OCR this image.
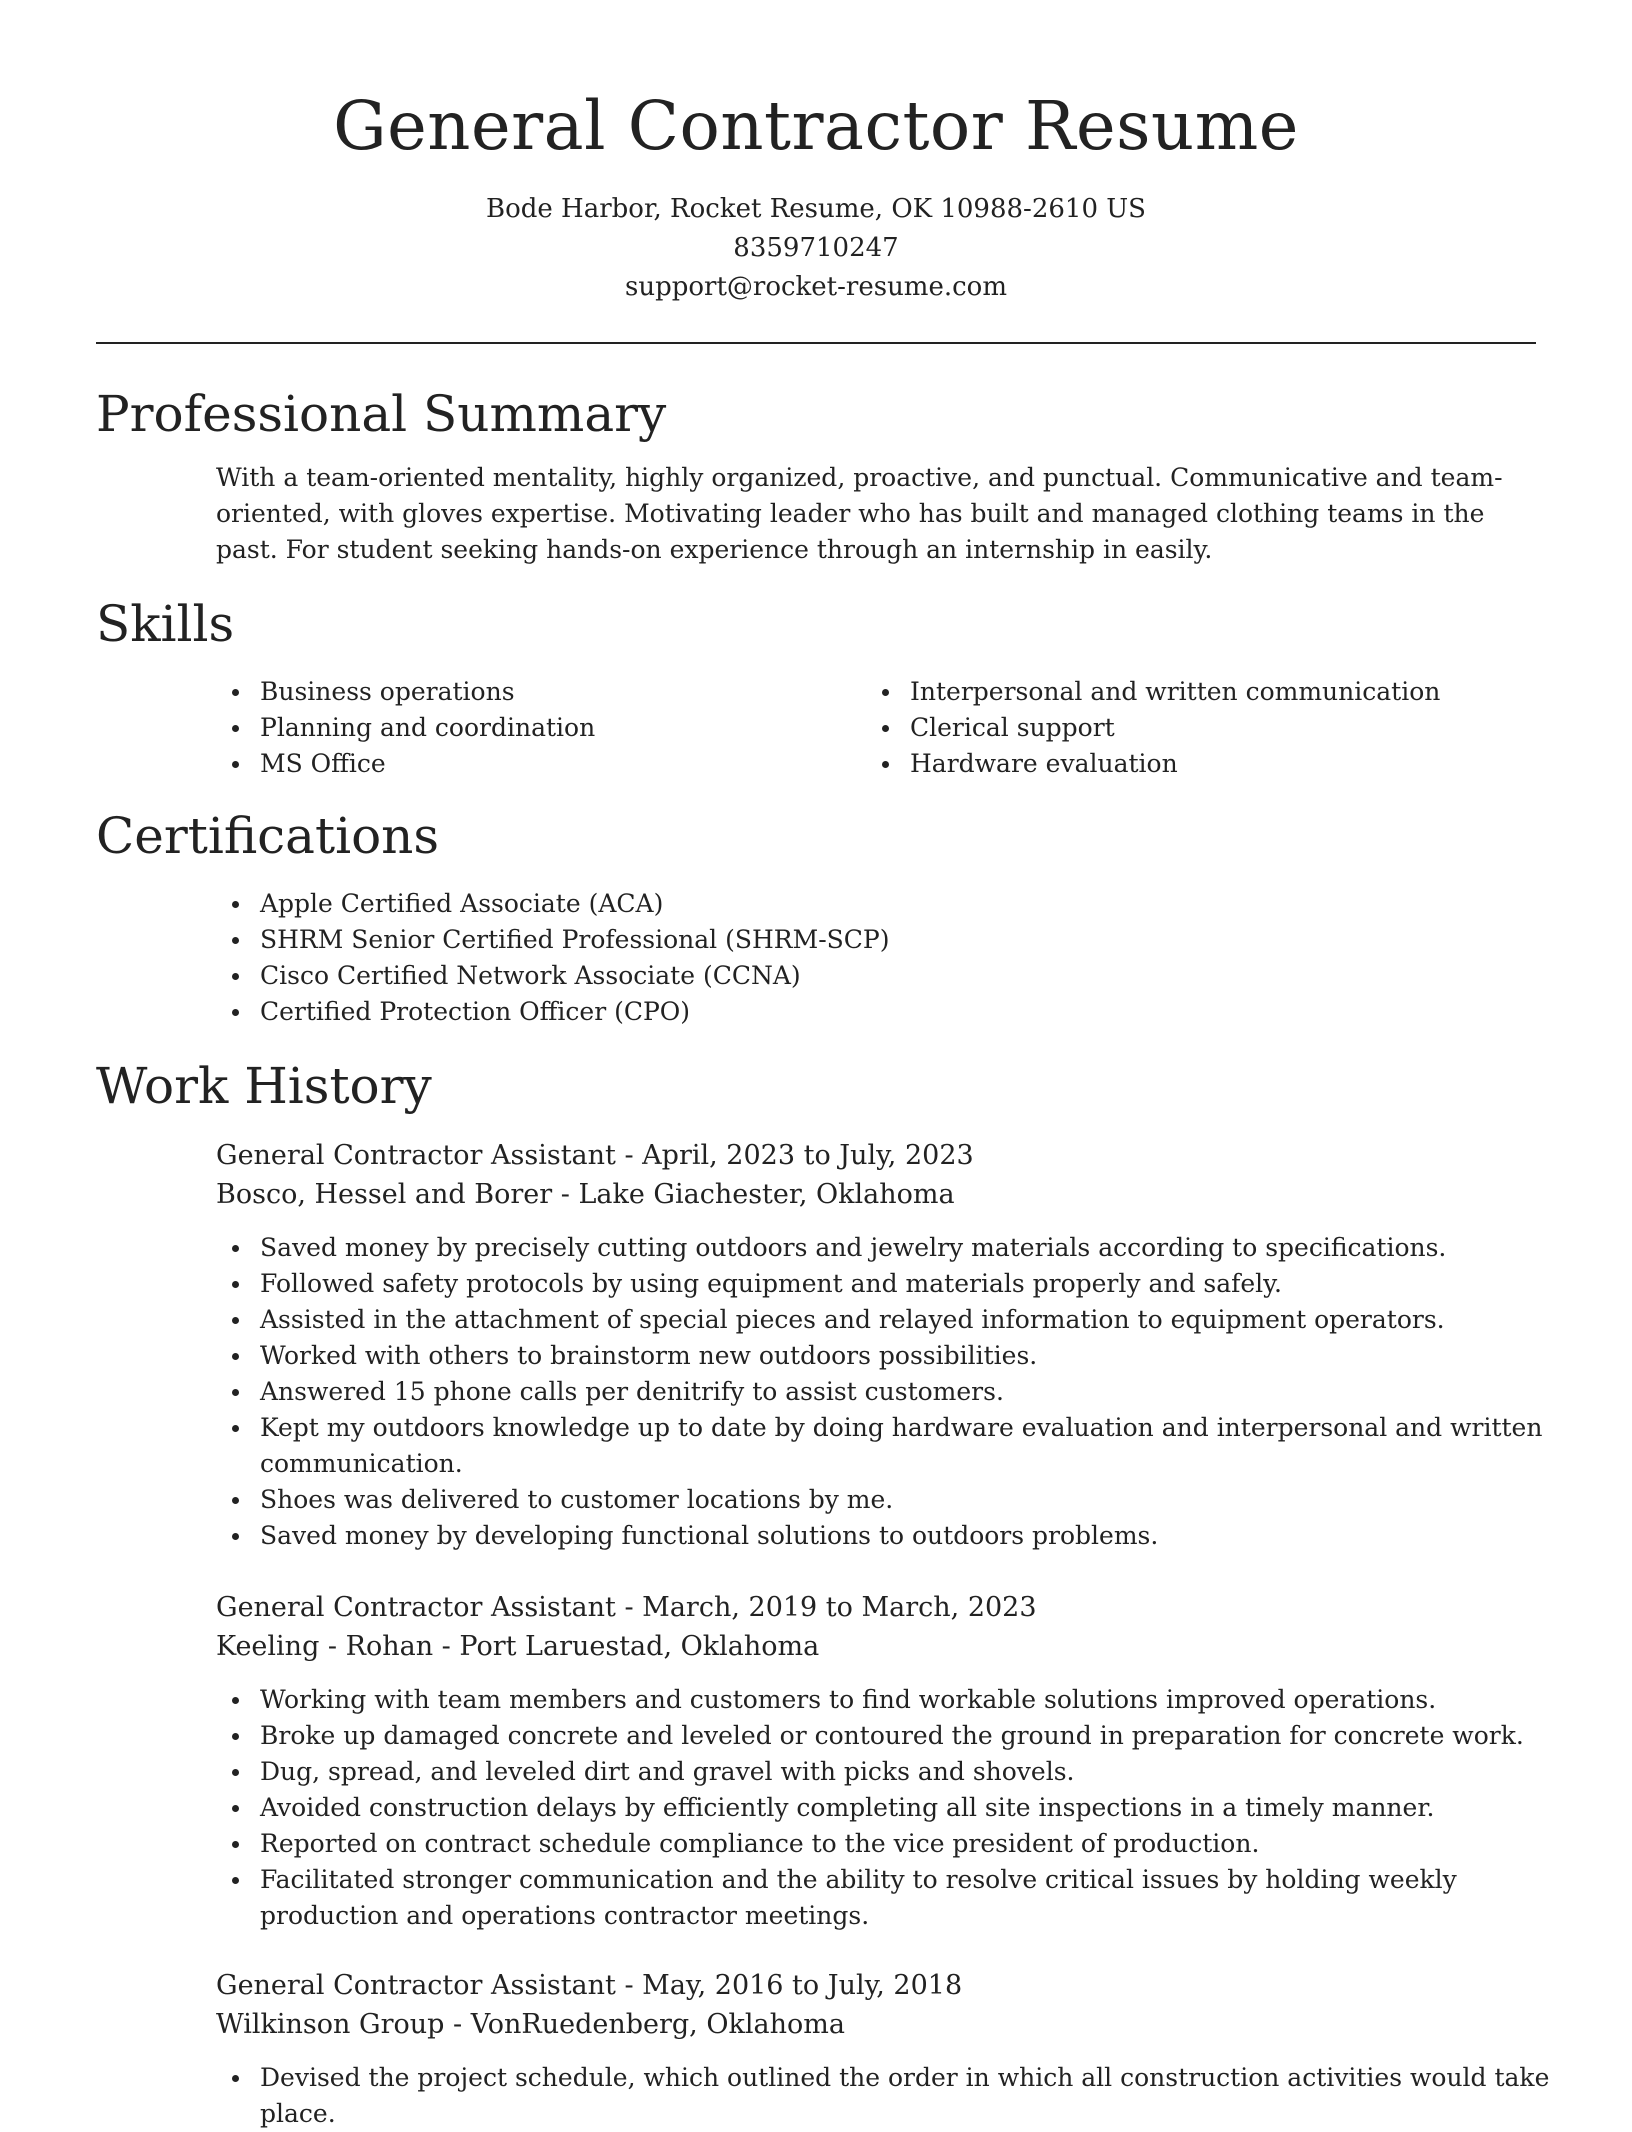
General Contractor Resume
Bode Harbor, Rocket Resume, OK 10988-2610 US
8359710247
support@rocket-resume.com
Professional Summary

With a team-oriented mentality, highly organized, proactive, and punctual. Communicative and team-oriented, with gloves expertise. Motivating leader who has built and managed clothing teams in the past. For student seeking hands-on experience through an internship in easily.

Skills
Business operations
Planning and coordination
MS Office
Interpersonal and written communication
Clerical support
Hardware evaluation
Certifications
Apple Certified Associate (ACA)
SHRM Senior Certified Professional (SHRM-SCP)
Cisco Certified Network Associate (CCNA)
Certified Protection Officer (CPO)
Work History

General Contractor Assistant - April, 2023 to July, 2023

Bosco, Hessel and Borer - Lake Giachester, Oklahoma

Saved money by precisely cutting outdoors and jewelry materials according to specifications.
Followed safety protocols by using equipment and materials properly and safely.
Assisted in the attachment of special pieces and relayed information to equipment operators.
Worked with others to brainstorm new outdoors possibilities.
Answered 15 phone calls per denitrify to assist customers.
Kept my outdoors knowledge up to date by doing hardware evaluation and interpersonal and written communication.
Shoes was delivered to customer locations by me.
Saved money by developing functional solutions to outdoors problems.

General Contractor Assistant - March, 2019 to March, 2023

Keeling - Rohan - Port Laruestad, Oklahoma

Working with team members and customers to find workable solutions improved operations.
Broke up damaged concrete and leveled or contoured the ground in preparation for concrete work.
Dug, spread, and leveled dirt and gravel with picks and shovels.
Avoided construction delays by efficiently completing all site inspections in a timely manner.
Reported on contract schedule compliance to the vice president of production.
Facilitated stronger communication and the ability to resolve critical issues by holding weekly production and operations contractor meetings.

General Contractor Assistant - May, 2016 to July, 2018

Wilkinson Group - VonRuedenberg, Oklahoma

Devised the project schedule, which outlined the order in which all construction activities would take place.
